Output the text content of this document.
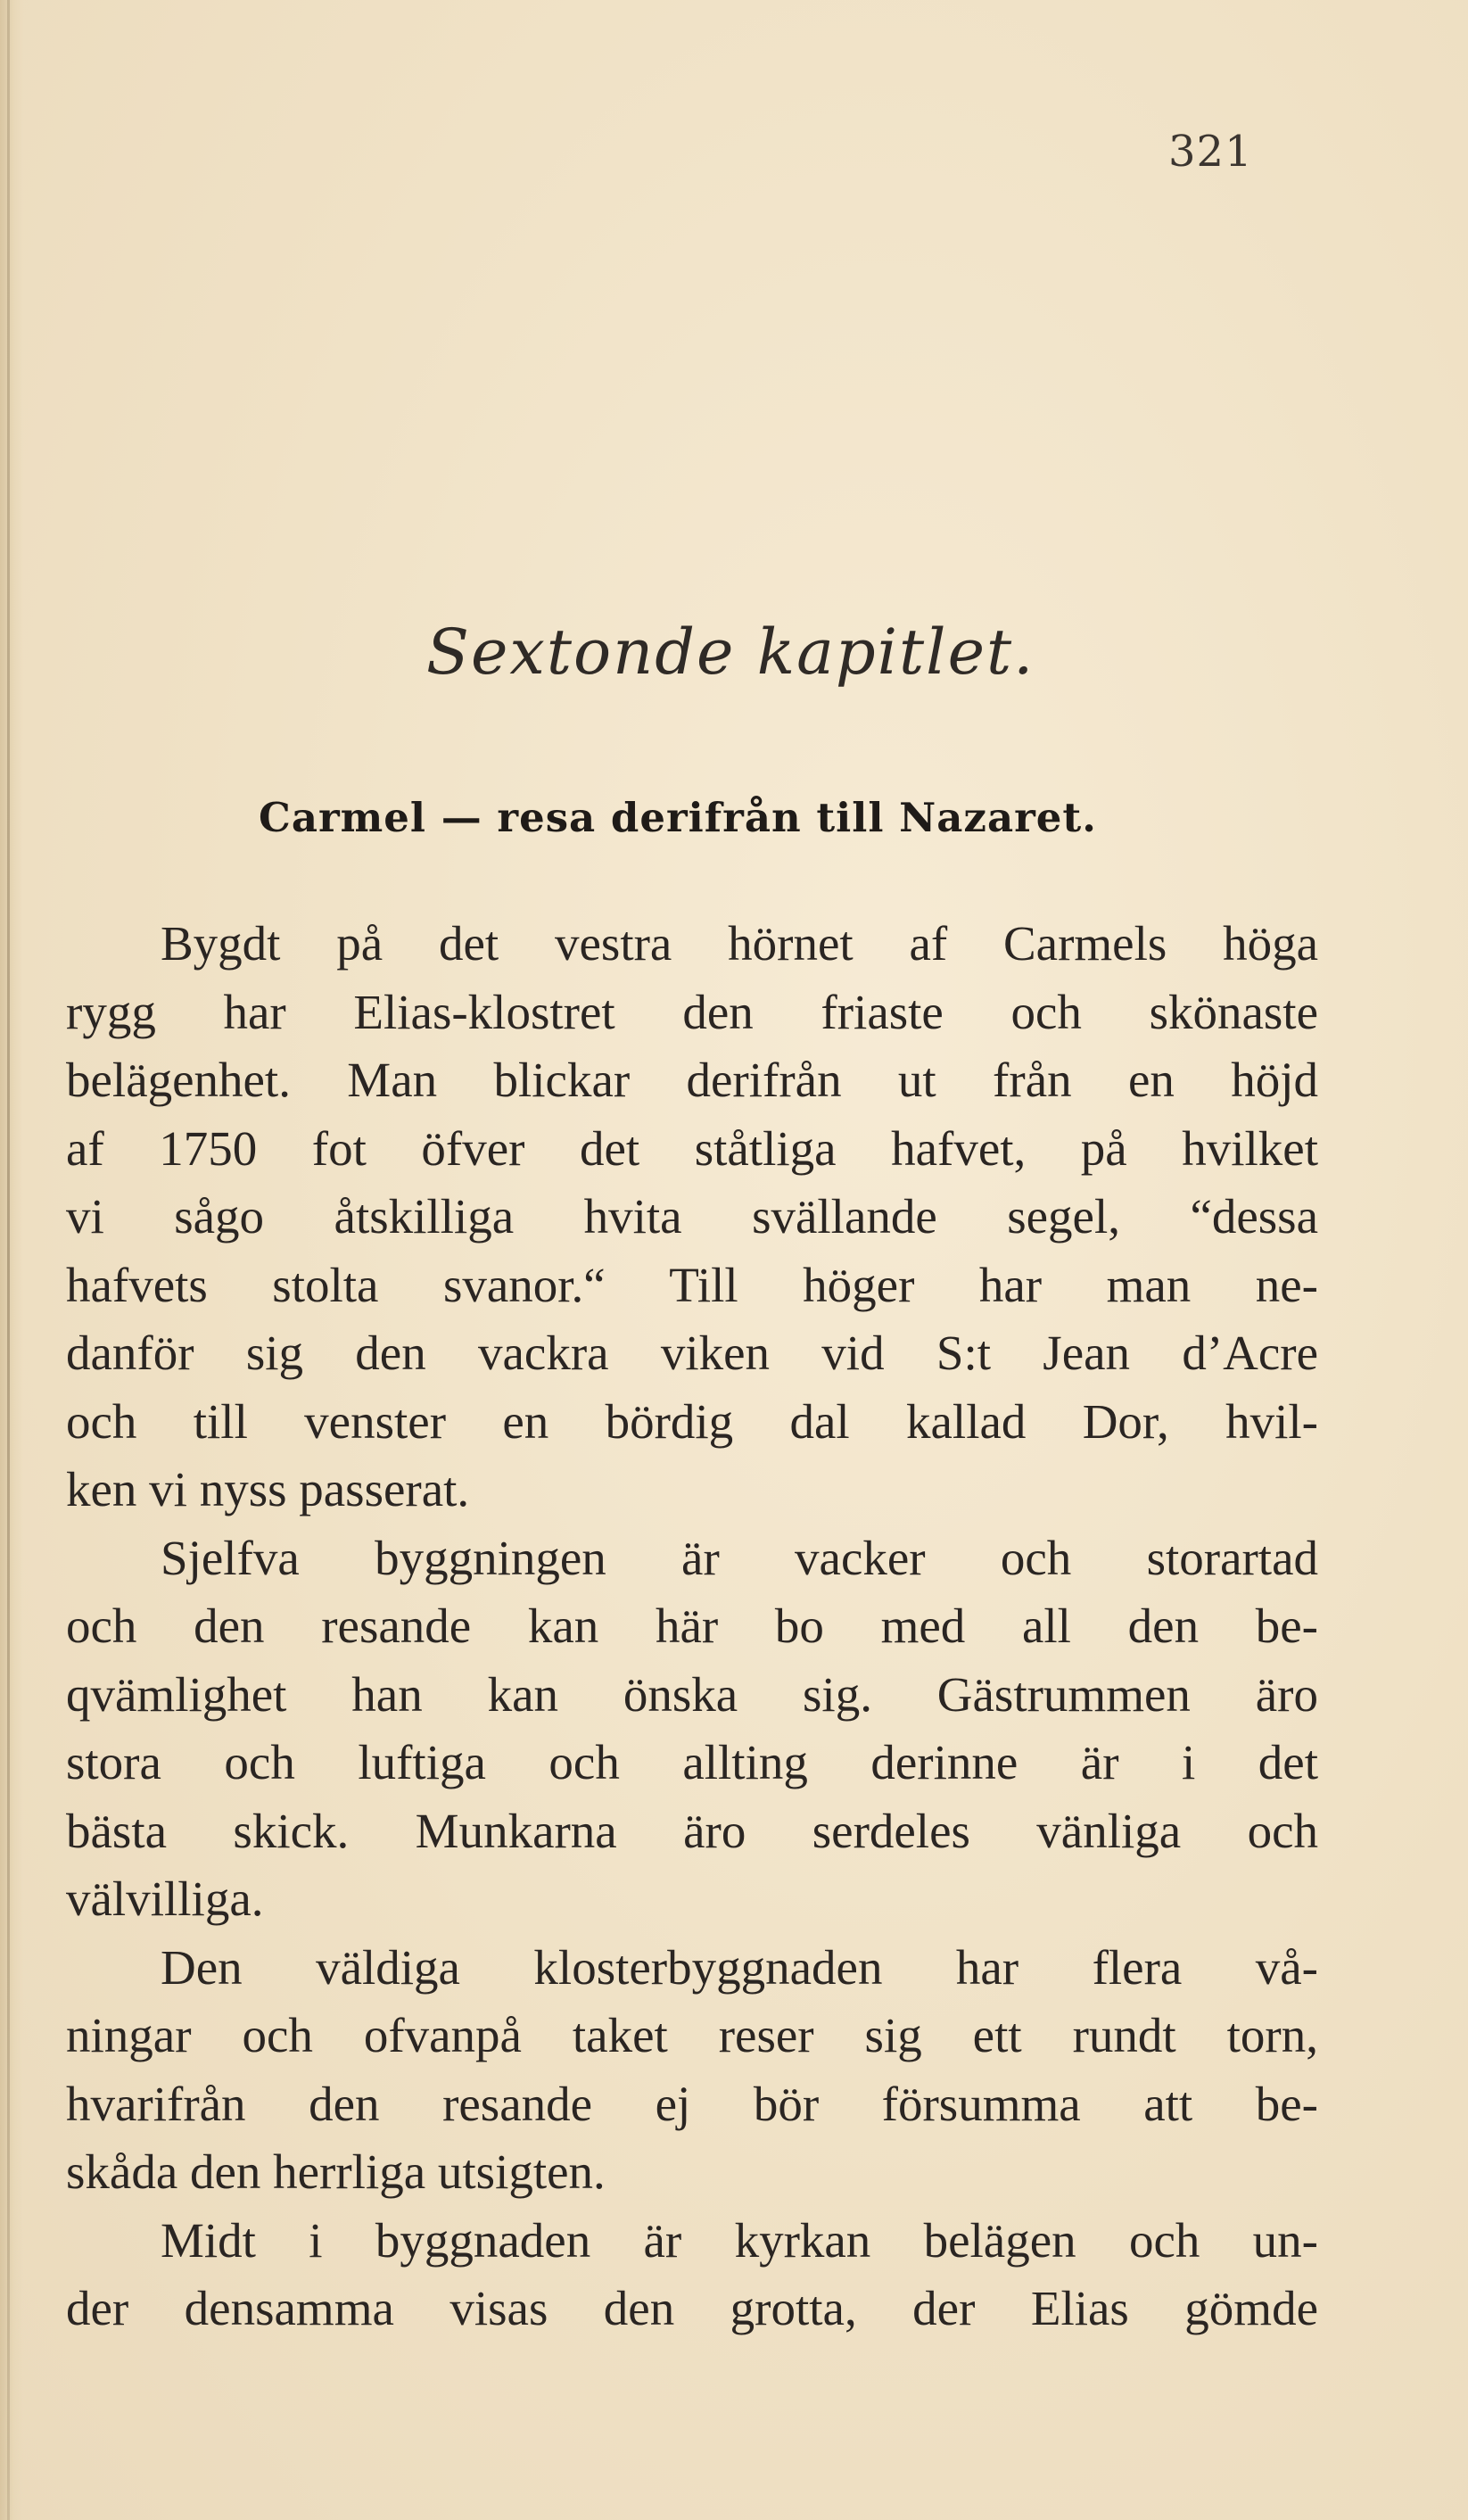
321
Sextonde kapitlet.
Carmel — resa derifrån till Nazaret.
Bygdt på det vestra hörnet af Carmels höga
rygg har Elias-klostret den friaste och skönaste
belägenhet. Man blickar derifrån ut från en höjd
af 1750 fot öfver det ståtliga hafvet, på hvilket
vi sågo åtskilliga hvita svällande segel, “dessa
hafvets stolta svanor.“ Till höger har man ne-
danför sig den vackra viken vid S:t Jean d’Acre
och till venster en bördig dal kallad Dor, hvil-
ken vi nyss passerat.
Sjelfva byggningen är vacker och storartad
och den resande kan här bo med all den be-
qvämlighet han kan önska sig. Gästrummen äro
stora och luftiga och allting derinne är i det
bästa skick. Munkarna äro serdeles vänliga och
välvilliga.
Den väldiga klosterbyggnaden har flera vå-
ningar och ofvanpå taket reser sig ett rundt torn,
hvarifrån den resande ej bör försumma att be-
skåda den herrliga utsigten.
Midt i byggnaden är kyrkan belägen och un-
der densamma visas den grotta, der Elias gömde
